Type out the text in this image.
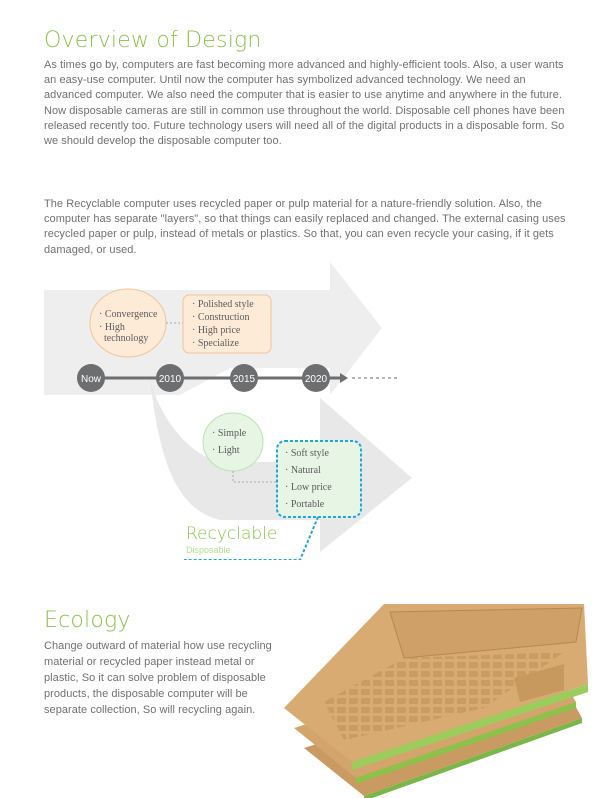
Overview of Design
As times go by, computers are fast becoming more advanced and highly-efficient tools. Also, a user wants an easy-use computer. Until now the computer has symbolized advanced technology. We need an advanced computer. We also need the computer that is easier to use anytime and anywhere in the future. Now disposable cameras are still in common use throughout the world. Disposable cell phones have been released recently too. Future technology users will need all of the digital products in a disposable form. So we should develop the disposable computer too.
The Recyclable computer uses recycled paper or pulp material for a nature-friendly solution. Also, the computer has separate "layers", so that things can easily replaced and changed. The external casing uses recycled paper or pulp, instead of metals or plastics. So that, you can even recycle your casing, if it gets damaged, or used.
Now	2010	2015	2020
· Convergence
· High
technology
· Polished style
· Construction
· High price
· Specialize
· Simple
· Light	· Soft style
· Natural
· Low price
· Portable
Recyclable
Disposable
Ecology
Change outward of material how use recycling material or recycled paper instead metal or plastic, So it can solve problem of disposable products, the disposable computer will be separate collection, So will recycling again.
